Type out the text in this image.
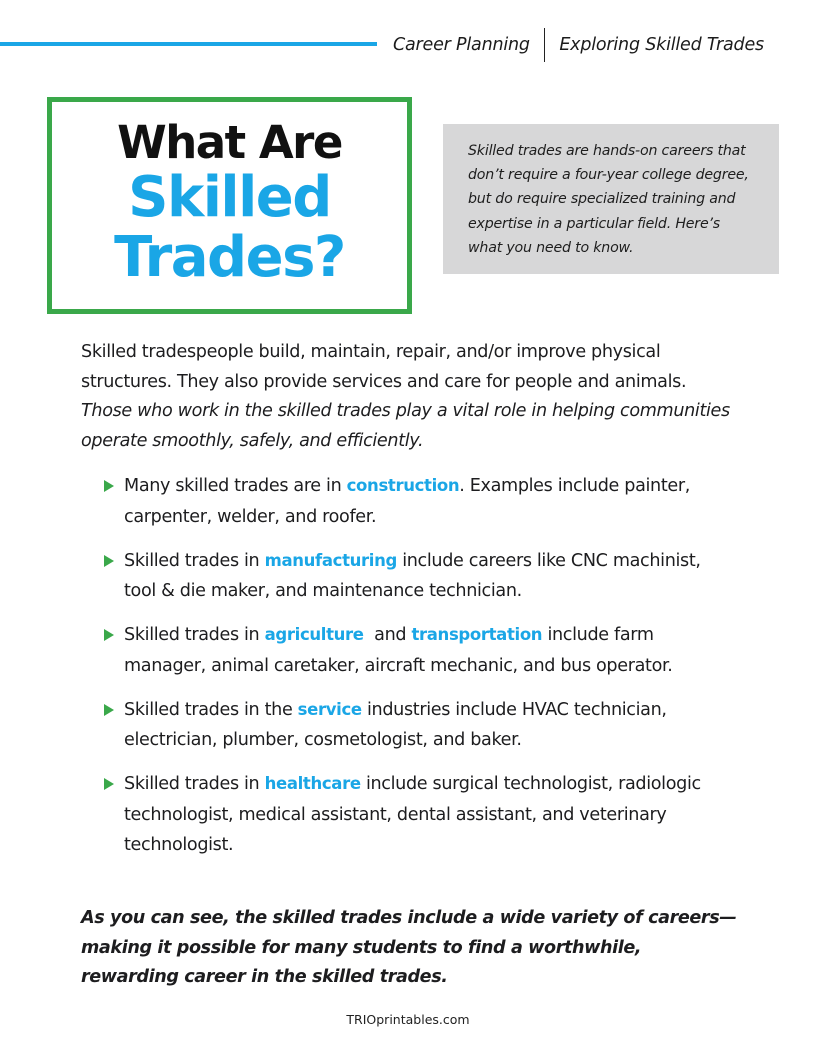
Career Planning Exploring Skilled Trades
What Are
Skilled
Trades?

Skilled trades are hands-on careers that don’t require a four-year college degree, but do require specialized training and expertise in a particular field. Here’s what you need to know.

Skilled tradespeople build, maintain, repair, and/or improve physical structures. They also provide services and care for people and animals. Those who work in the skilled trades play a vital role in helping communities operate smoothly, safely, and efficiently.
Many skilled trades are in construction. Examples include painter, carpenter, welder, and roofer.
Skilled trades in manufacturing include careers like CNC machinist, tool & die maker, and maintenance technician.
Skilled trades in agriculture  and transportation include farm manager, animal caretaker, aircraft mechanic, and bus operator.
Skilled trades in the service industries include HVAC technician, electrician, plumber, cosmetologist, and baker.
Skilled trades in healthcare include surgical technologist, radiologic technologist, medical assistant, dental assistant, and veterinary technologist.
As you can see, the skilled trades include a wide variety of careers—making it possible for many students to find a worthwhile, rewarding career in the skilled trades.
TRIOprintables.com
